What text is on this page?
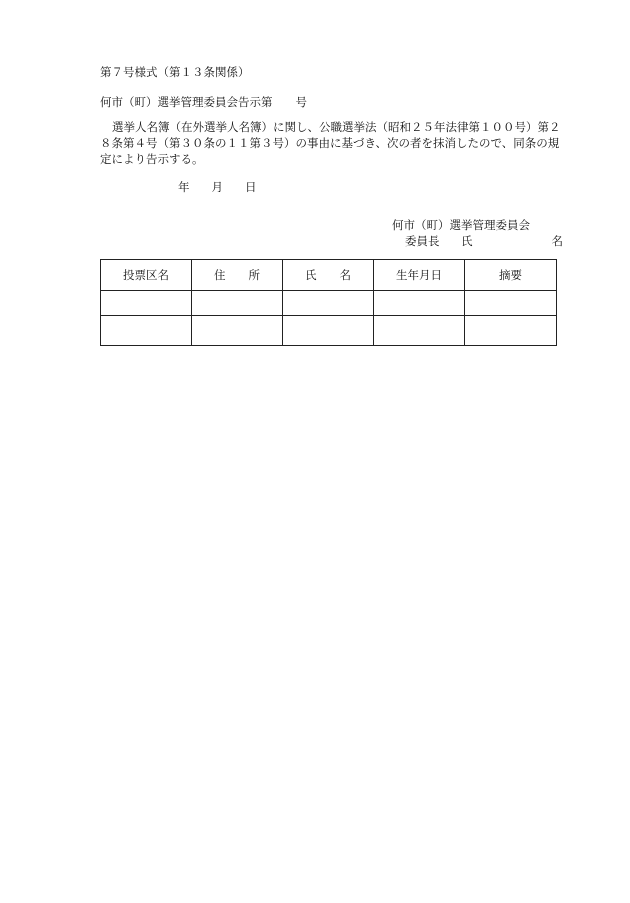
第７号様式（第１３条関係）
何市（町）選挙管理委員会告示第　　号
選挙人名簿（在外選挙人名簿）に関し、公職選挙法（昭和２５年法律第１００号）第２８条第４号（第３０条の１１第３号）の事由に基づき、次の者を抹消したので、同条の規定により告示する。
年 月 日
何市（町）選挙管理委員会
委員長 氏	名
投票区名	住　　所	氏　　名	生年月日	摘要
